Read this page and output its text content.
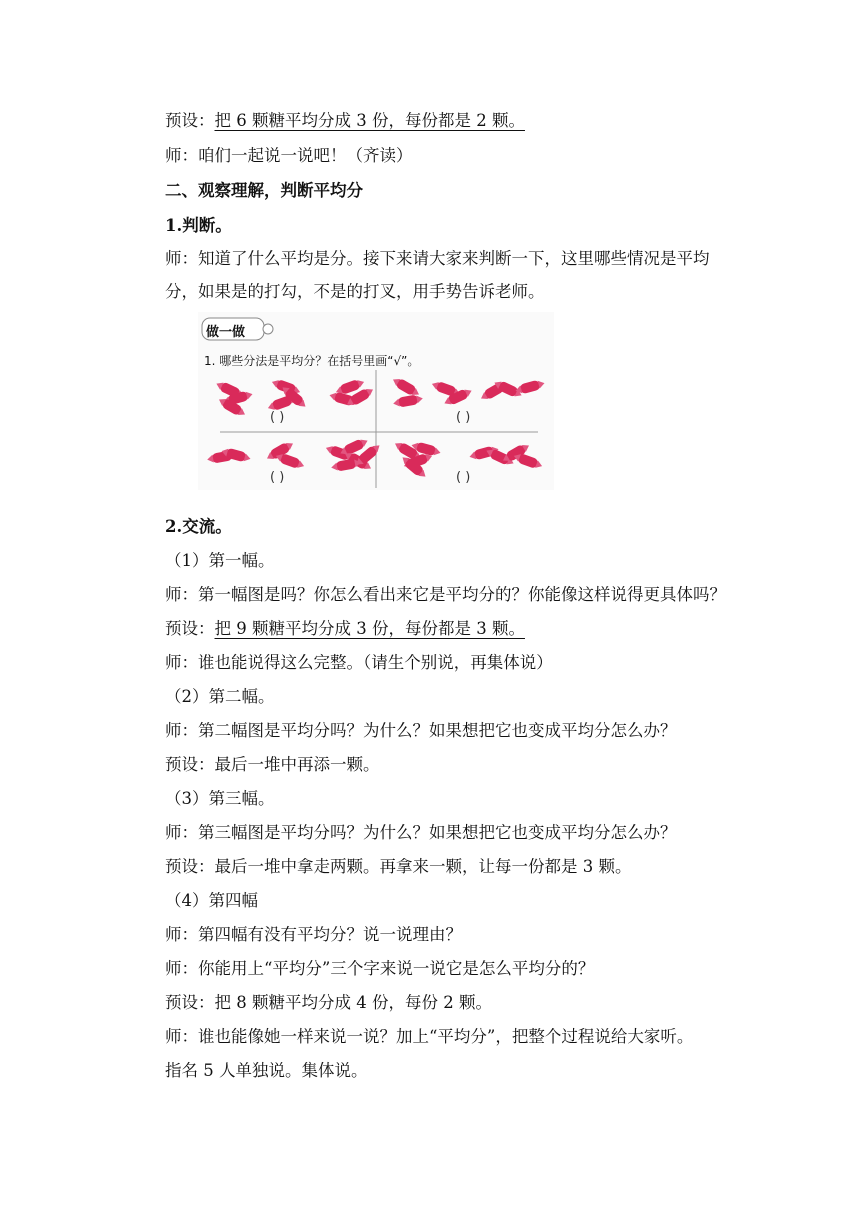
预设：把 6 颗糖平均分成 3 份，每份都是 2 颗。
师：咱们一起说一说吧！（齐读）
二、观察理解，判断平均分
1.判断。
师：知道了什么平均是分。接下来请大家来判断一下，这里哪些情况是平均
分，如果是的打勾，不是的打叉，用手势告诉老师。
做一做
1. 哪些分法是平均分？在括号里画“√”。
( )	( )
( )	( )
2.交流。
（1）第一幅。
师：第一幅图是吗？你怎么看出来它是平均分的？你能像这样说得更具体吗？
预设：把 9 颗糖平均分成 3 份，每份都是 3 颗。
师：谁也能说得这么完整。（请生个别说，再集体说）
（2）第二幅。
师：第二幅图是平均分吗？为什么？如果想把它也变成平均分怎么办？
预设：最后一堆中再添一颗。
（3）第三幅。
师：第三幅图是平均分吗？为什么？如果想把它也变成平均分怎么办？
预设：最后一堆中拿走两颗。再拿来一颗，让每一份都是 3 颗。
（4）第四幅
师：第四幅有没有平均分？说一说理由？
师：你能用上“平均分”三个字来说一说它是怎么平均分的？
预设：把 8 颗糖平均分成 4 份，每份 2 颗。
师：谁也能像她一样来说一说？加上“平均分”，把整个过程说给大家听。
指名 5 人单独说。集体说。
